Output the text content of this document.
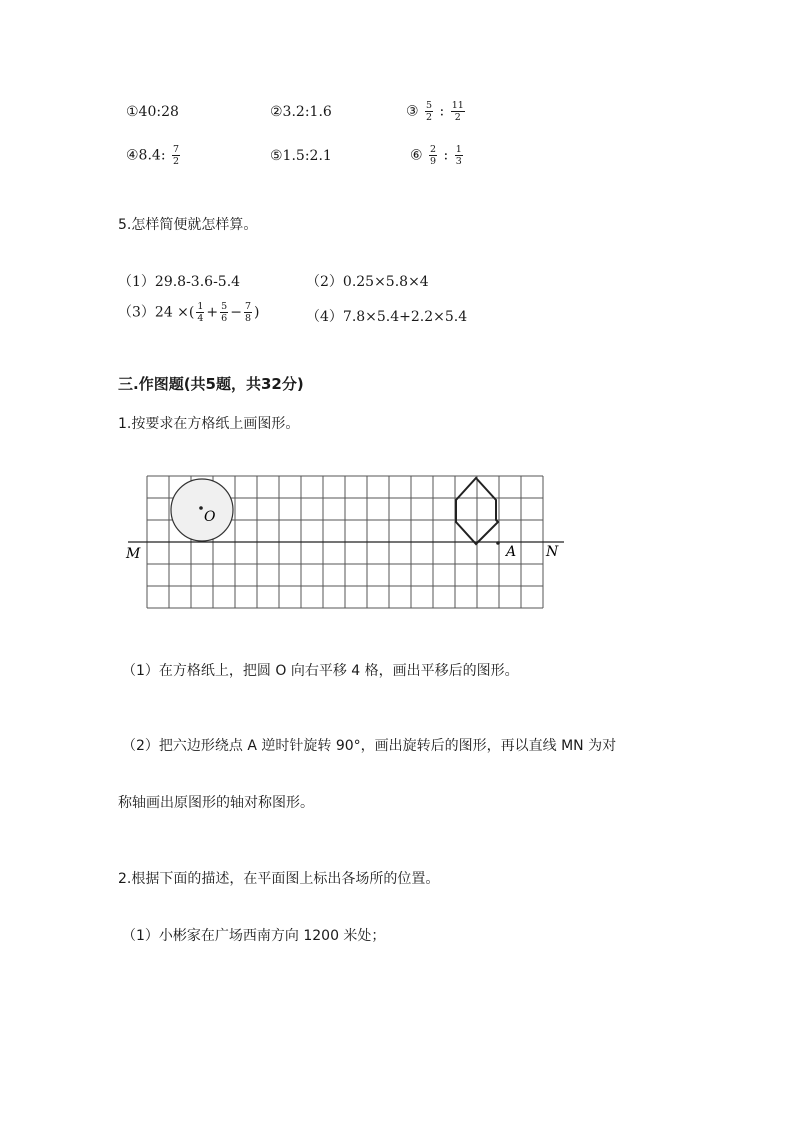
①40:28	②3.2:1.6	③ $\frac{5}{2}$ : $\frac{11}{2}$
④8.4: $\frac{7}{2}$	⑤1.5:2.1	⑥ $\frac{2}{9}$ : $\frac{1}{3}$
5.怎样简便就怎样算。
（1）29.8-3.6-5.4	（2）0.25×5.8×4
（3）24 ×( $\frac{1}{4} + \frac{5}{6} - \frac{7}{8}$ )	（4）7.8×5.4+2.2×5.4
三.作图题(共5题，共32分)
1.按要求在方格纸上画图形。
O
A
M	N
（1）在方格纸上，把圆 O 向右平移 4 格，画出平移后的图形。
（2）把六边形绕点 A 逆时针旋转 90°，画出旋转后的图形，再以直线 MN 为对
称轴画出原图形的轴对称图形。
2.根据下面的描述，在平面图上标出各场所的位置。
（1）小彬家在广场西南方向 1200 米处；
